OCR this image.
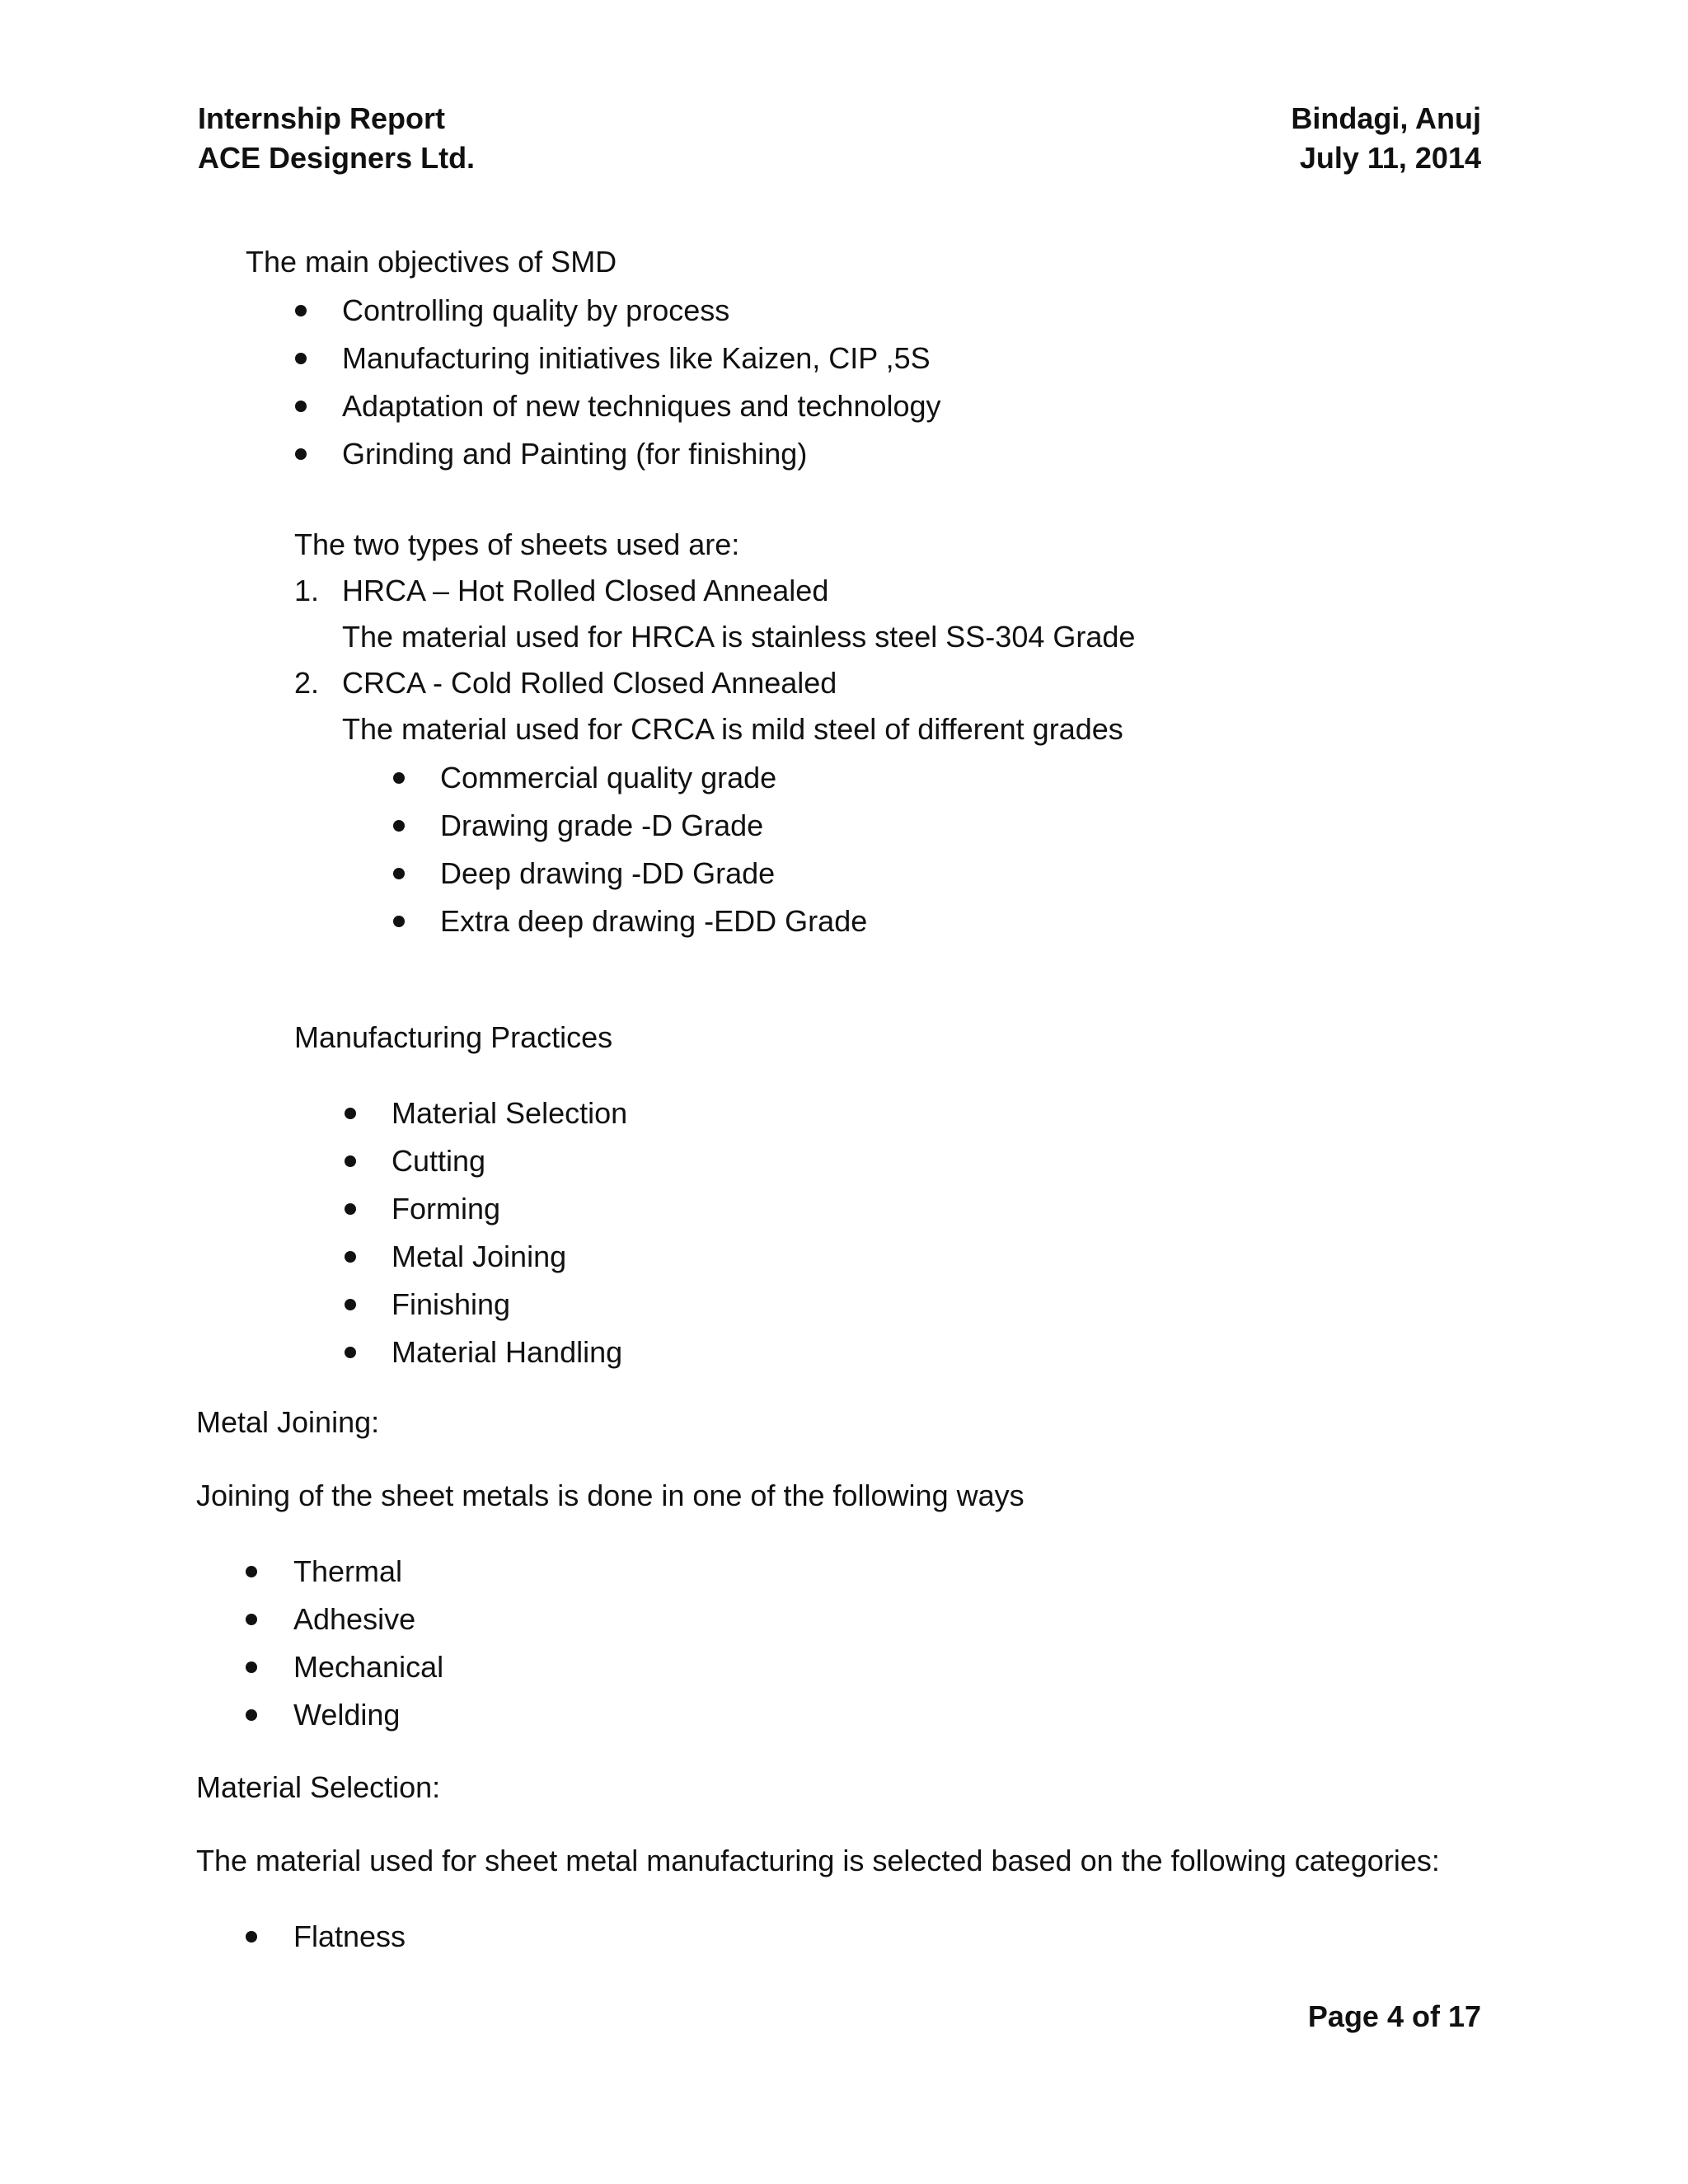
Internship Report
ACE Designers Ltd.
Bindagi, Anuj
July 11, 2014
The main objectives of SMD
Controlling quality by process
Manufacturing initiatives like Kaizen, CIP ,5S
Adaptation of new techniques and technology
Grinding and Painting (for finishing)
The two types of sheets used are:
1. HRCA – Hot Rolled Closed Annealed
The material used for HRCA is stainless steel SS-304 Grade
2. CRCA - Cold Rolled Closed Annealed
The material used for CRCA is mild steel of different grades
Commercial quality grade
Drawing grade -D Grade
Deep drawing -DD Grade
Extra deep drawing -EDD Grade
Manufacturing Practices
Material Selection
Cutting
Forming
Metal Joining
Finishing
Material Handling
Metal Joining:
Joining of the sheet metals is done in one of the following ways
Thermal
Adhesive
Mechanical
Welding
Material Selection:
The material used for sheet metal manufacturing is selected based on the following categories:
Flatness
Page 4 of 17
